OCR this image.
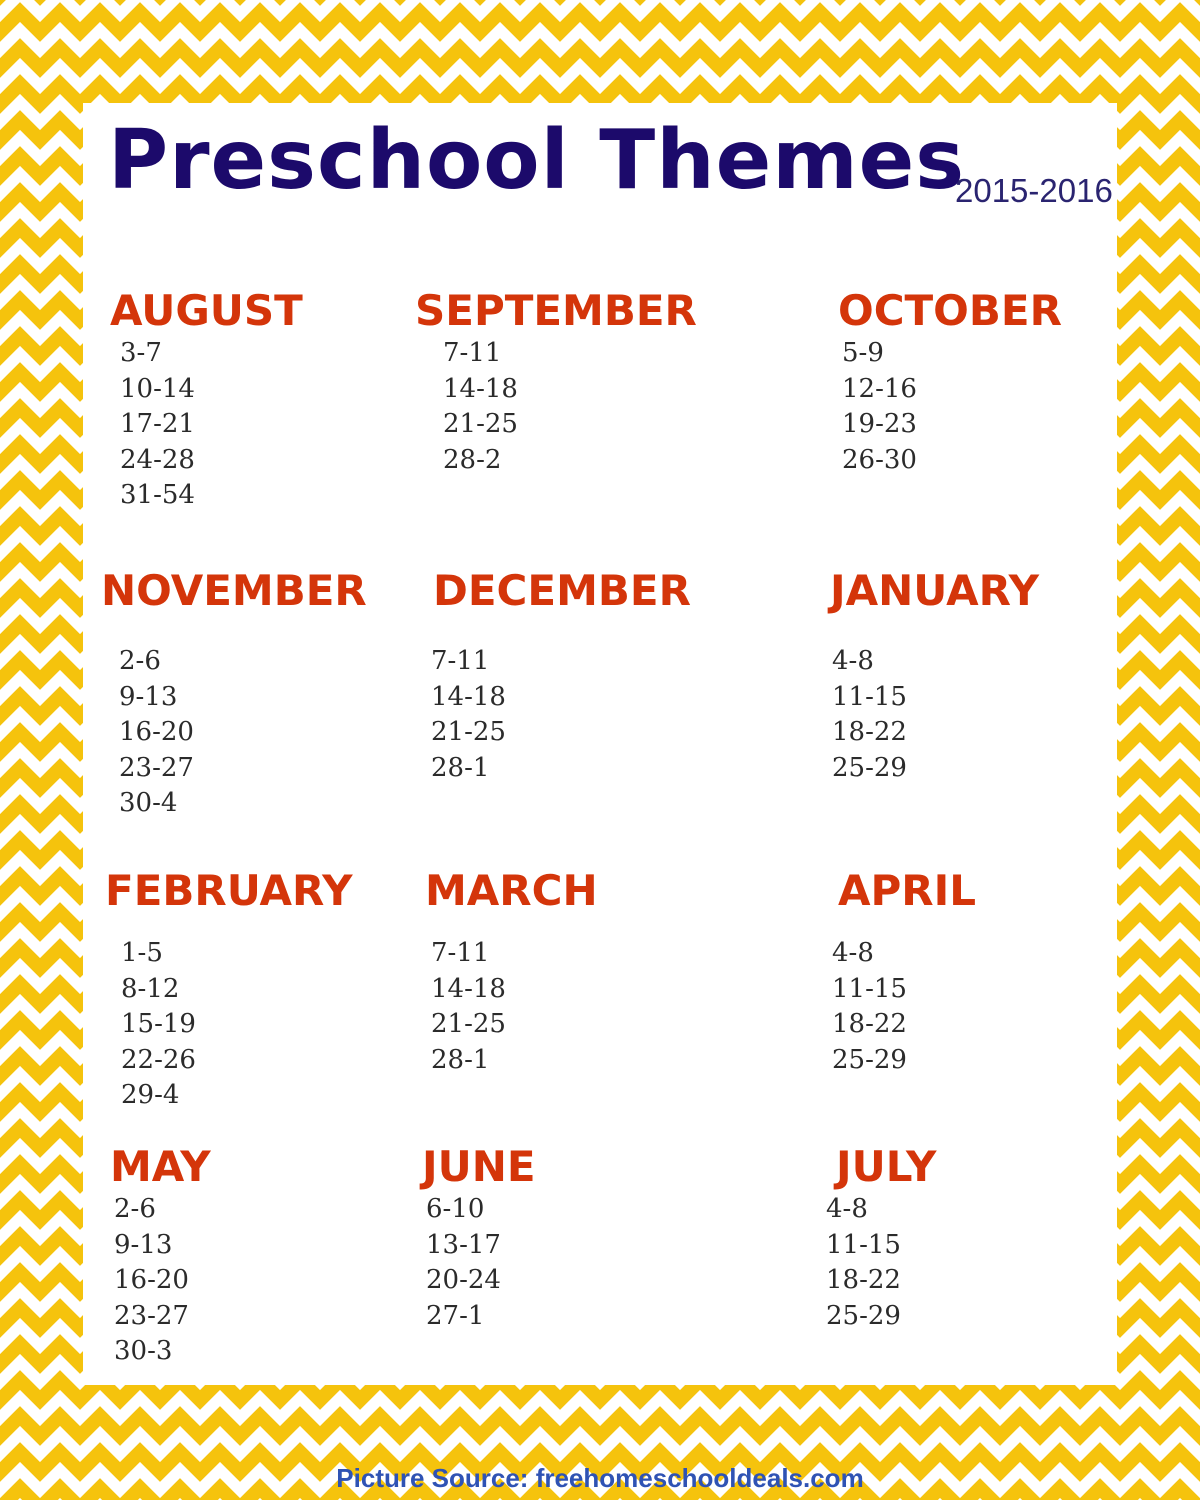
Preschool Themes
2015-2016
AUGUST
3-7
10-14
17-21
24-28
31-54
SEPTEMBER
7-11
14-18
21-25
28-2
OCTOBER
5-9
12-16
19-23
26-30
NOVEMBER
2-6
9-13
16-20
23-27
30-4
DECEMBER
7-11
14-18
21-25
28-1
JANUARY
4-8
11-15
18-22
25-29
FEBRUARY
1-5
8-12
15-19
22-26
29-4
MARCH
7-11
14-18
21-25
28-1
APRIL
4-8
11-15
18-22
25-29
MAY
2-6
9-13
16-20
23-27
30-3
JUNE
6-10
13-17
20-24
27-1
JULY
4-8
11-15
18-22
25-29
Picture Source: freehomeschooldeals.com
